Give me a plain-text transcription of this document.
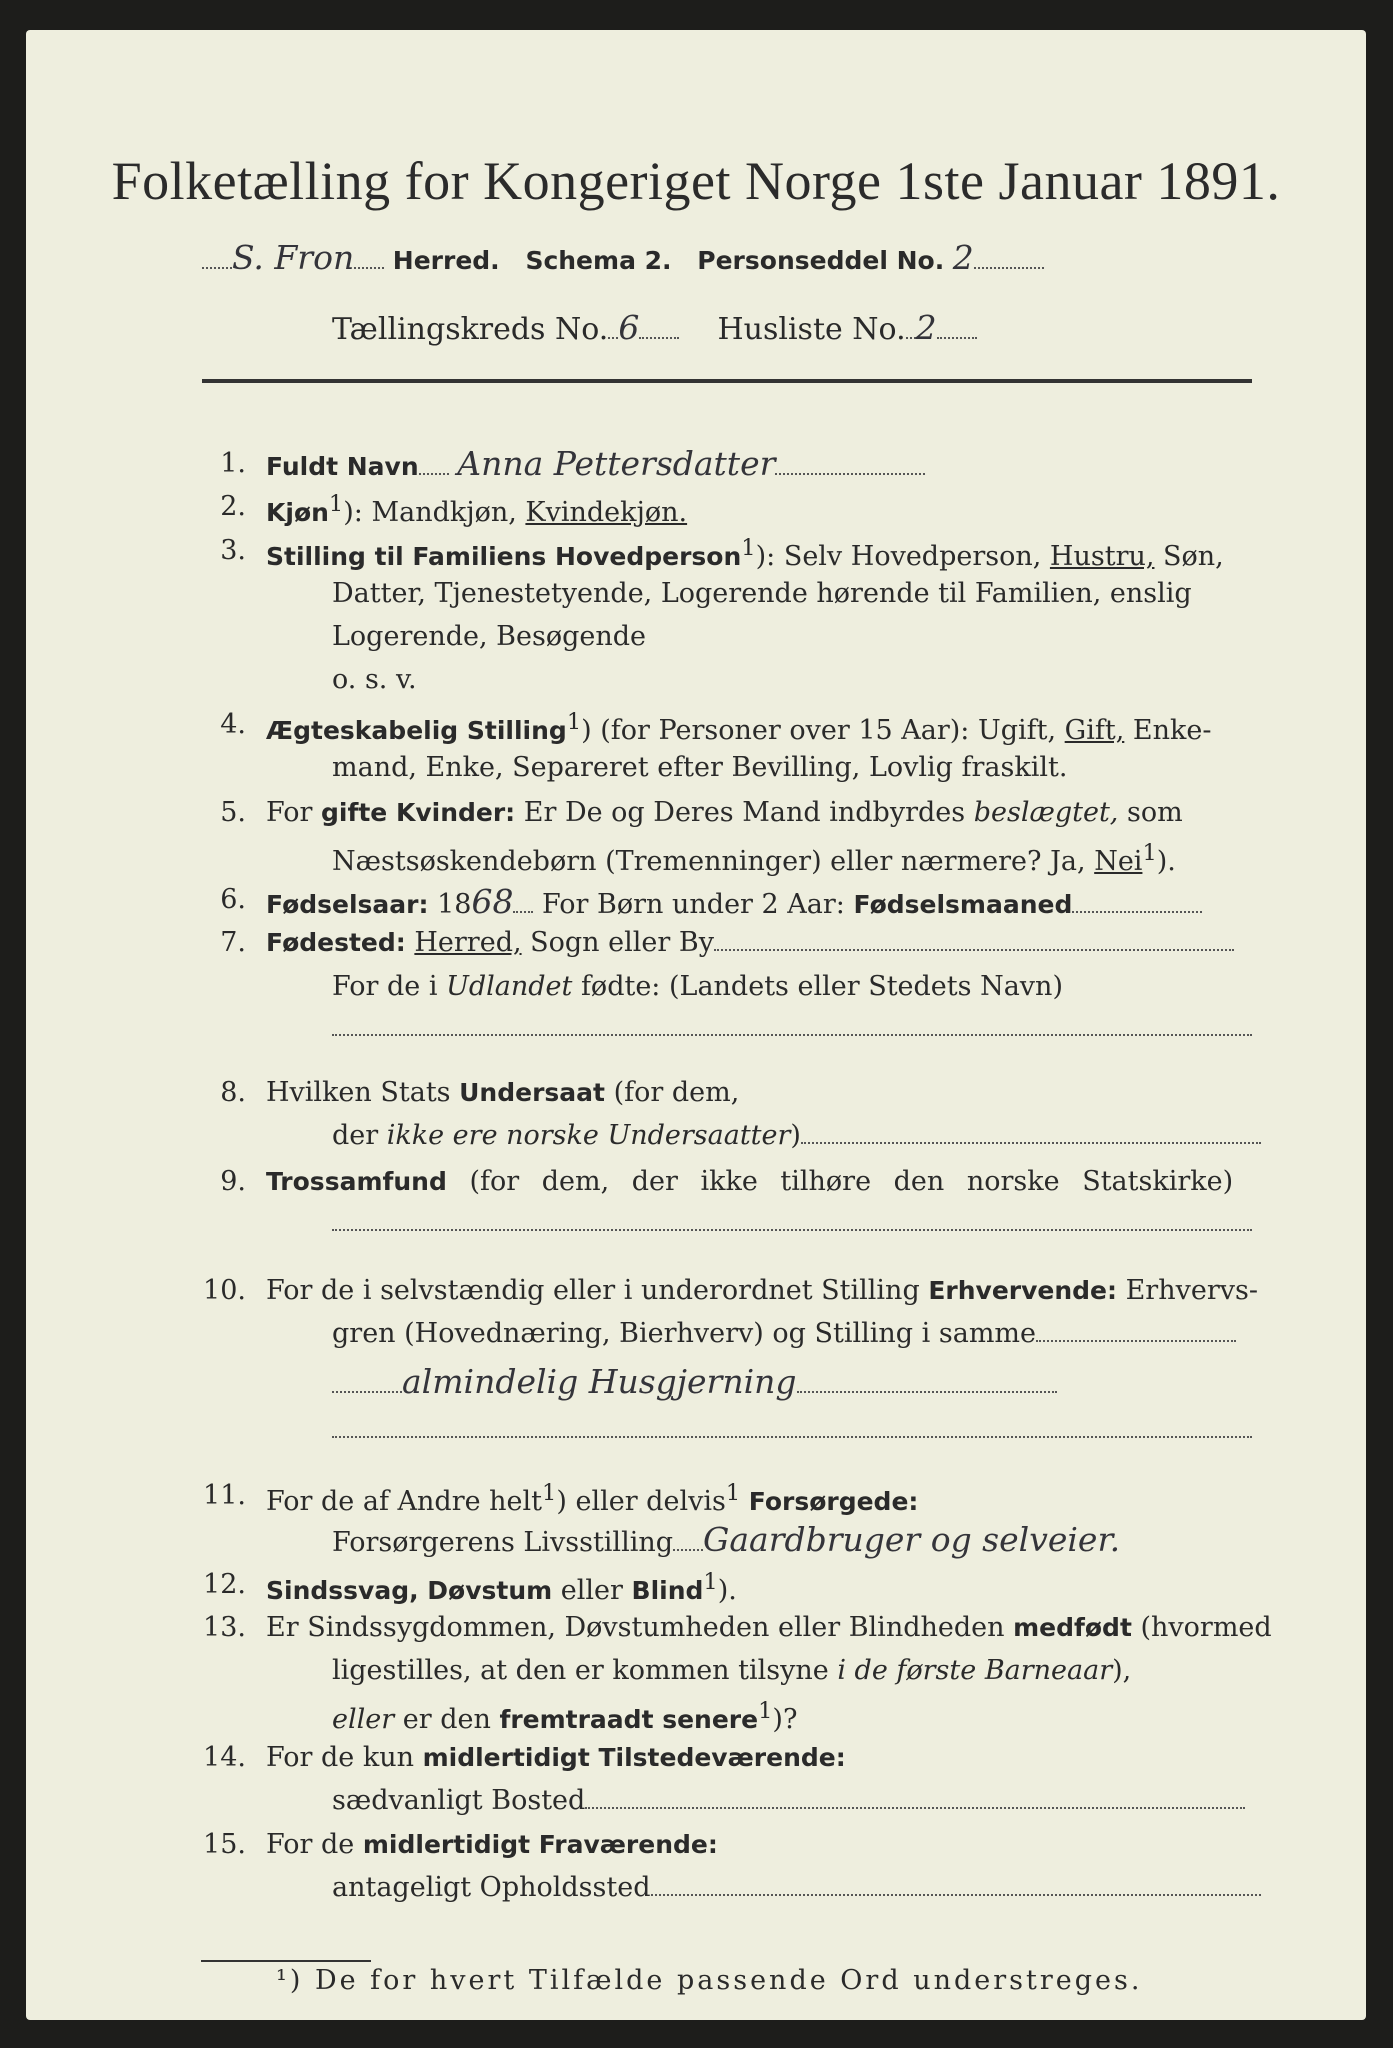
Folketælling for Kongeriget Norge 1ste Januar 1891.
S. Fron Herred. Schema 2. Personseddel No. 2
Tællingskreds No. 6	Husliste No. 2
1. Fuldt Navn Anna Pettersdatter
2. Kjøn$^1$): Mandkjøn, Kvindekjøn.
3. Stilling til Familiens Hovedperson$^1$): Selv Hovedperson, Hustru, Søn,
Datter, Tjenestetyende, Logerende hørende til Familien, enslig
Logerende, Besøgende
o. s. v.
4. Ægteskabelig Stilling$^1$) (for Personer over 15 Aar): Ugift, Gift, Enke-
mand, Enke, Separeret efter Bevilling, Lovlig fraskilt.
5. For gifte Kvinder: Er De og Deres Mand indbyrdes beslægtet, som
Næstsøskendebørn (Tremenninger) eller nærmere? Ja, Nei$^1$).
6. Fødselsaar: 1868 For Børn under 2 Aar: Fødselsmaaned
7. Fødested: Herred, Sogn eller By
For de i Udlandet fødte: (Landets eller Stedets Navn)
8. Hvilken Stats Undersaat (for dem,
der ikke ere norske Undersaatter)
9. Trossamfund (for dem, der ikke tilhøre den norske Statskirke)
10. For de i selvstændig eller i underordnet Stilling Erhvervende: Erhvervs-
gren (Hovednæring, Bierhverv) og Stilling i samme
almindelig Husgjerning
11. For de af Andre helt$^1$) eller delvis$^1$ Forsørgede:
Forsørgerens Livsstilling Gaardbruger og selveier.
12. Sindssvag, Døvstum eller Blind$^1$).
13. Er Sindssygdommen, Døvstumheden eller Blindheden medfødt (hvormed
ligestilles, at den er kommen tilsyne i de første Barneaar),
eller er den fremtraadt senere$^1$)?
14. For de kun midlertidigt Tilstedeværende:
sædvanligt Bosted
15. For de midlertidigt Fraværende:
antageligt Opholdssted
¹) De for hvert Tilfælde passende Ord understreges.
